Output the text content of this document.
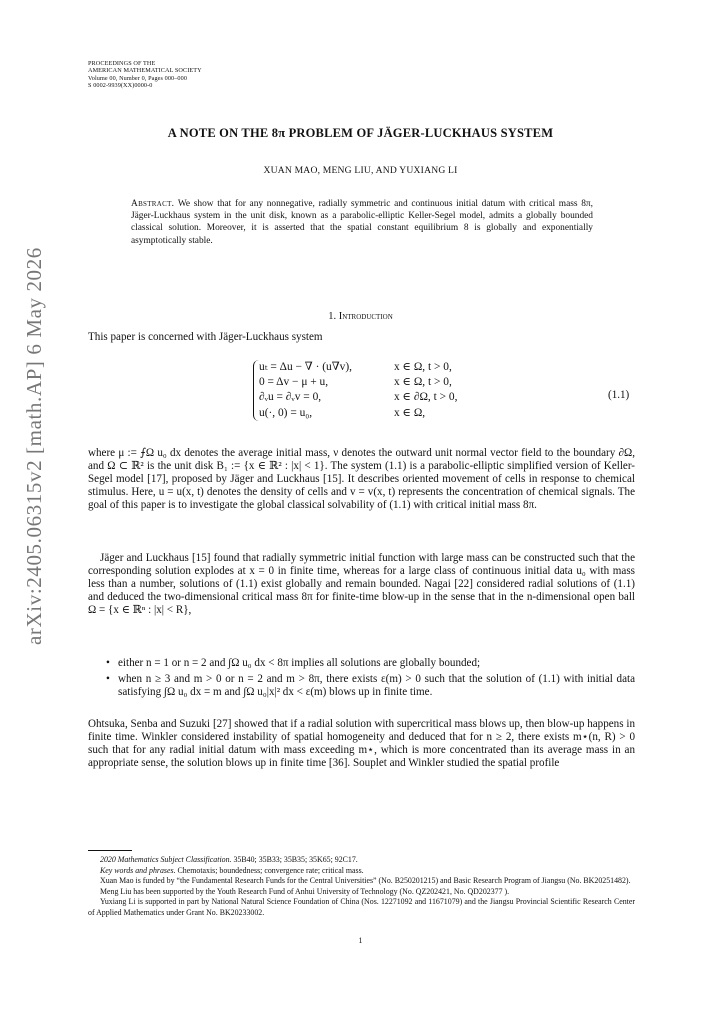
PROCEEDINGS OF THE
AMERICAN MATHEMATICAL SOCIETY
Volume 00, Number 0, Pages 000–000
S 0002-9939(XX)0000-0
arXiv:2405.06315v2 [math.AP] 6 May 2026
A NOTE ON THE 8π PROBLEM OF JÄGER-LUCKHAUS SYSTEM
XUAN MAO, MENG LIU, AND YUXIANG LI
Abstract. We show that for any nonnegative, radially symmetric and continuous initial datum with critical mass 8π, Jäger-Luckhaus system in the unit disk, known as a parabolic-elliptic Keller-Segel model, admits a globally bounded classical solution. Moreover, it is asserted that the spatial constant equilibrium 8 is globally and exponentially asymptotically stable.
1. Introduction
This paper is concerned with Jäger-Luckhaus system
uₜ = Δu − ∇ · (u∇v),	x ∈ Ω, t > 0,
0 = Δv − μ + u,	x ∈ Ω, t > 0,
∂ᵥu = ∂ᵥv = 0,	x ∈ ∂Ω, t > 0,
u(·, 0) = u₀,	x ∈ Ω,
(1.1)
where μ := ⨍Ω u₀ dx denotes the average initial mass, ν denotes the outward unit normal vector field to the boundary ∂Ω, and Ω ⊂ ℝ² is the unit disk B₁ := {x ∈ ℝ² : |x| < 1}. The system (1.1) is a parabolic-elliptic simplified version of Keller-Segel model [17], proposed by Jäger and Luckhaus [15]. It describes oriented movement of cells in response to chemical stimulus. Here, u = u(x, t) denotes the density of cells and v = v(x, t) represents the concentration of chemical signals. The goal of this paper is to investigate the global classical solvability of (1.1) with critical initial mass 8π.
Jäger and Luckhaus [15] found that radially symmetric initial function with large mass can be constructed such that the corresponding solution explodes at x = 0 in finite time, whereas for a large class of continuous initial data u₀ with mass less than a number, solutions of (1.1) exist globally and remain bounded. Nagai [22] considered radial solutions of (1.1) and deduced the two-dimensional critical mass 8π for finite-time blow-up in the sense that in the n-dimensional open ball Ω = {x ∈ ℝⁿ : |x| < R},
• either n = 1 or n = 2 and ∫Ω u₀ dx < 8π implies all solutions are globally bounded;
• when n ≥ 3 and m > 0 or n = 2 and m > 8π, there exists ε(m) > 0 such that the solution of (1.1) with initial data satisfying ∫Ω u₀ dx = m and ∫Ω u₀|x|² dx < ε(m) blows up in finite time.
Ohtsuka, Senba and Suzuki [27] showed that if a radial solution with supercritical mass blows up, then blow-up happens in finite time. Winkler considered instability of spatial homogeneity and deduced that for n ≥ 2, there exists m⋆(n, R) > 0 such that for any radial initial datum with mass exceeding m⋆, which is more concentrated than its average mass in an appropriate sense, the solution blows up in finite time [36]. Souplet and Winkler studied the spatial profile

2020 Mathematics Subject Classification. 35B40; 35B33; 35B35; 35K65; 92C17.

Key words and phrases. Chemotaxis; boundedness; convergence rate; critical mass.

Xuan Mao is funded by “the Fundamental Research Funds for the Central Universities” (No. B250201215) and Basic Research Program of Jiangsu (No. BK20251482).

Meng Liu has been supported by the Youth Research Fund of Anhui University of Technology (No. QZ202421, No. QD202377 ).

Yuxiang Li is supported in part by National Natural Science Foundation of China (Nos. 12271092 and 11671079) and the Jiangsu Provincial Scientific Research Center of Applied Mathematics under Grant No. BK20233002.

1
